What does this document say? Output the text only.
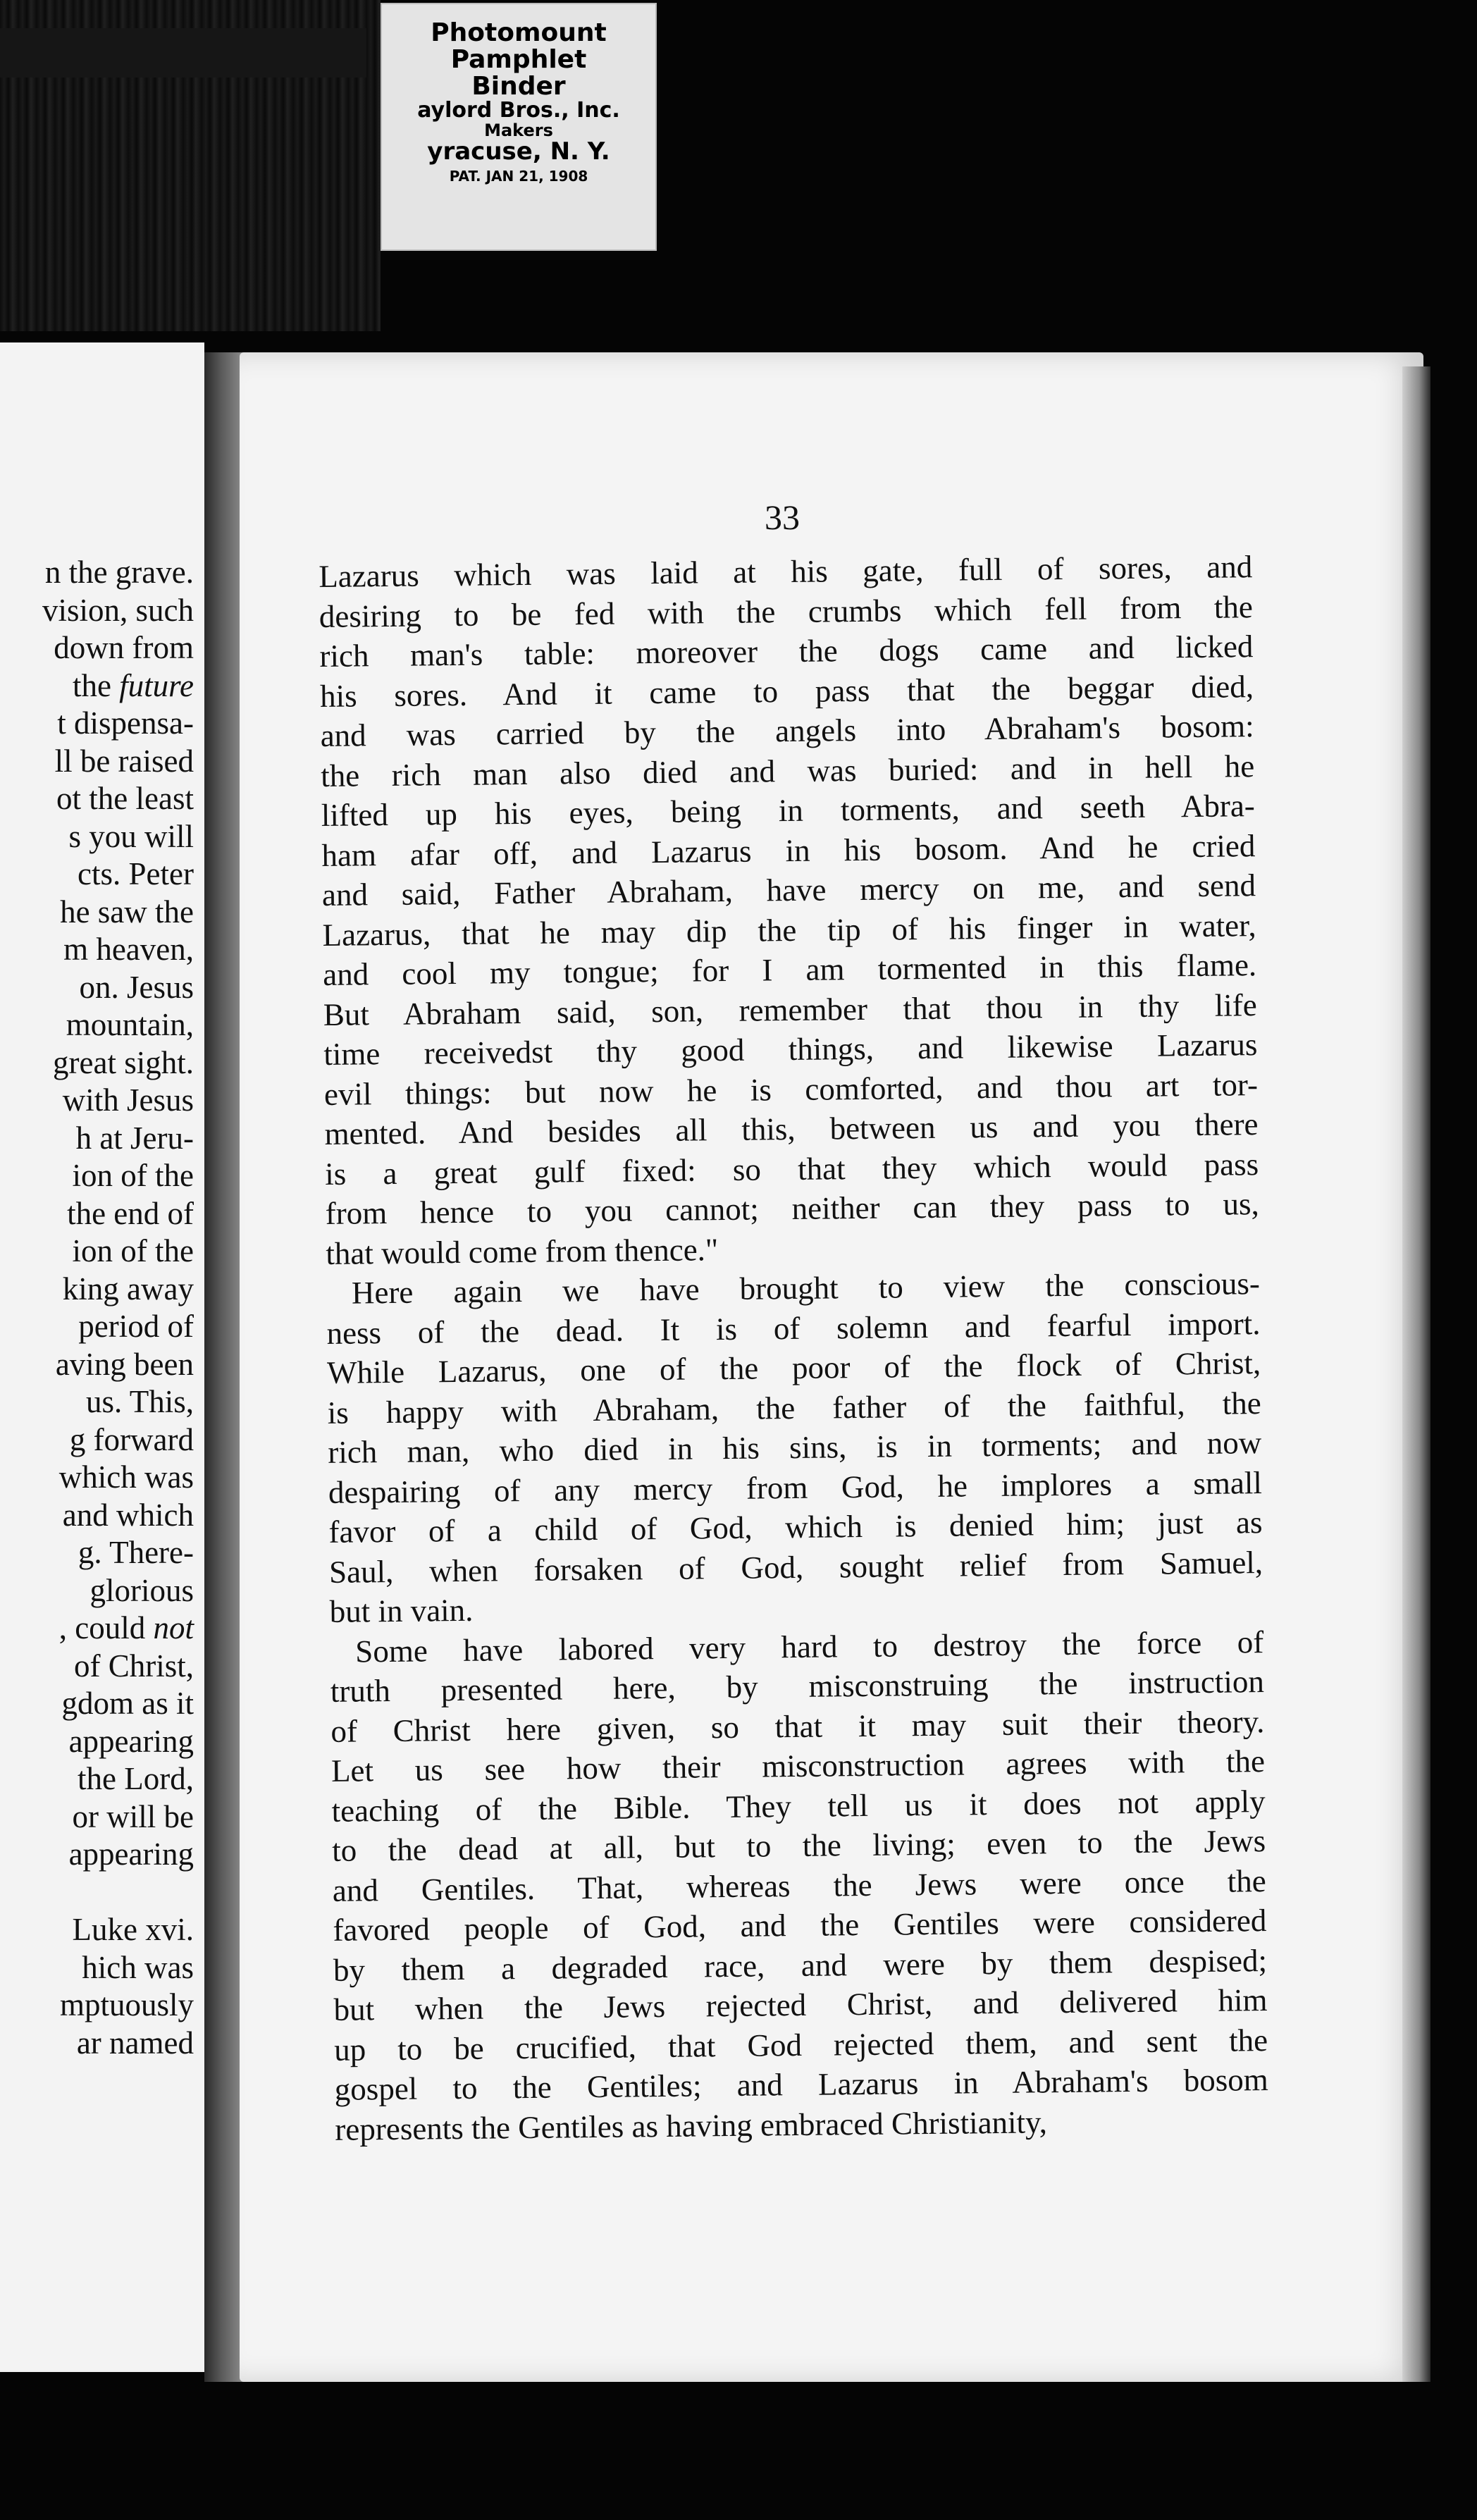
Photomount
Pamphlet
Binder
aylord Bros., Inc.
Makers
yracuse, N. Y.
PAT. JAN 21, 1908
n the grave.
vision, such
down from
the future
t dispensa-
ll be raised
ot the least
s you will
cts. Peter
he saw the
m heaven,
on. Jesus
mountain,
great sight.
with Jesus
h at Jeru-
ion of the
the end of
ion of the
king away
period of
aving been
us. This,
g forward
which was
and which
g. There-
glorious
, could not
of Christ,
gdom as it
appearing
the Lord,
or will be
appearing
Luke xvi.
hich was
mptuously
ar named
33
Lazarus which was laid at his gate, full of sores, and
desiring to be fed with the crumbs which fell from the
rich man's table: moreover the dogs came and licked
his sores. And it came to pass that the beggar died,
and was carried by the angels into Abraham's bosom:
the rich man also died and was buried: and in hell he
lifted up his eyes, being in torments, and seeth Abra-
ham afar off, and Lazarus in his bosom. And he cried
and said, Father Abraham, have mercy on me, and send
Lazarus, that he may dip the tip of his finger in water,
and cool my tongue; for I am tormented in this flame.
But Abraham said, son, remember that thou in thy life
time receivedst thy good things, and likewise Lazarus
evil things: but now he is comforted, and thou art tor-
mented. And besides all this, between us and you there
is a great gulf fixed: so that they which would pass
from hence to you cannot; neither can they pass to us,
that would come from thence."
Here again we have brought to view the conscious-
ness of the dead. It is of solemn and fearful import.
While Lazarus, one of the poor of the flock of Christ,
is happy with Abraham, the father of the faithful, the
rich man, who died in his sins, is in torments; and now
despairing of any mercy from God, he implores a small
favor of a child of God, which is denied him; just as
Saul, when forsaken of God, sought relief from Samuel,
but in vain.
Some have labored very hard to destroy the force of
truth presented here, by misconstruing the instruction
of Christ here given, so that it may suit their theory.
Let us see how their misconstruction agrees with the
teaching of the Bible. They tell us it does not apply
to the dead at all, but to the living; even to the Jews
and Gentiles. That, whereas the Jews were once the
favored people of God, and the Gentiles were considered
by them a degraded race, and were by them despised;
but when the Jews rejected Christ, and delivered him
up to be crucified, that God rejected them, and sent the
gospel to the Gentiles; and Lazarus in Abraham's bosom
represents the Gentiles as having embraced Christianity,
